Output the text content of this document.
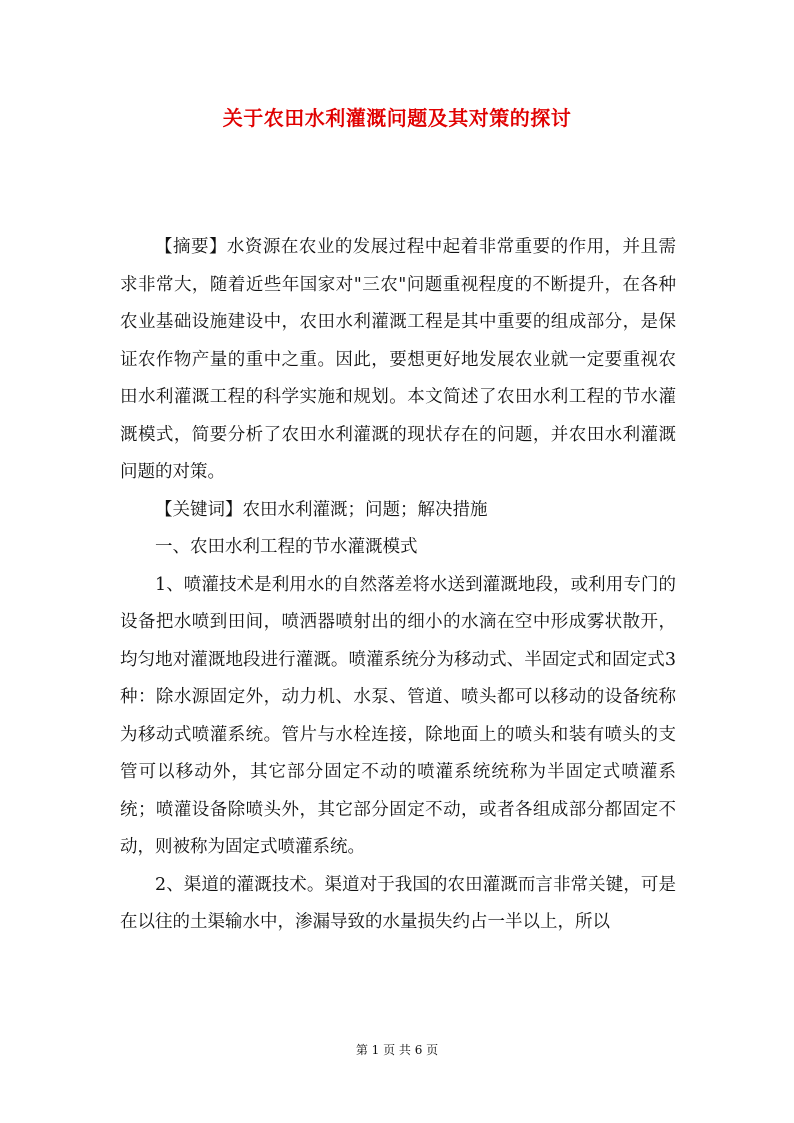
关于农田水利灌溉问题及其对策的探讨

【摘要】水资源在农业的发展过程中起着非常重要的作用，并且需求非常大，随着近些年国家对"三农"问题重视程度的不断提升，在各种农业基础设施建设中，农田水利灌溉工程是其中重要的组成部分，是保证农作物产量的重中之重。因此，要想更好地发展农业就一定要重视农田水利灌溉工程的科学实施和规划。本文简述了农田水利工程的节水灌溉模式，简要分析了农田水利灌溉的现状存在的问题，并农田水利灌溉问题的对策。

【关键词】农田水利灌溉；问题；解决措施

一、农田水利工程的节水灌溉模式

1、喷灌技术是利用水的自然落差将水送到灌溉地段，或利用专门的设备把水喷到田间，喷洒器喷射出的细小的水滴在空中形成雾状散开，均匀地对灌溉地段进行灌溉。喷灌系统分为移动式、半固定式和固定式3种：除水源固定外，动力机、水泵、管道、喷头都可以移动的设备统称为移动式喷灌系统。管片与水栓连接，除地面上的喷头和装有喷头的支管可以移动外，其它部分固定不动的喷灌系统统称为半固定式喷灌系统；喷灌设备除喷头外，其它部分固定不动，或者各组成部分都固定不动，则被称为固定式喷灌系统。

2、渠道的灌溉技术。渠道对于我国的农田灌溉而言非常关键，可是在以往的土渠输水中，渗漏导致的水量损失约占一半以上，所以

第 1 页 共 6 页
